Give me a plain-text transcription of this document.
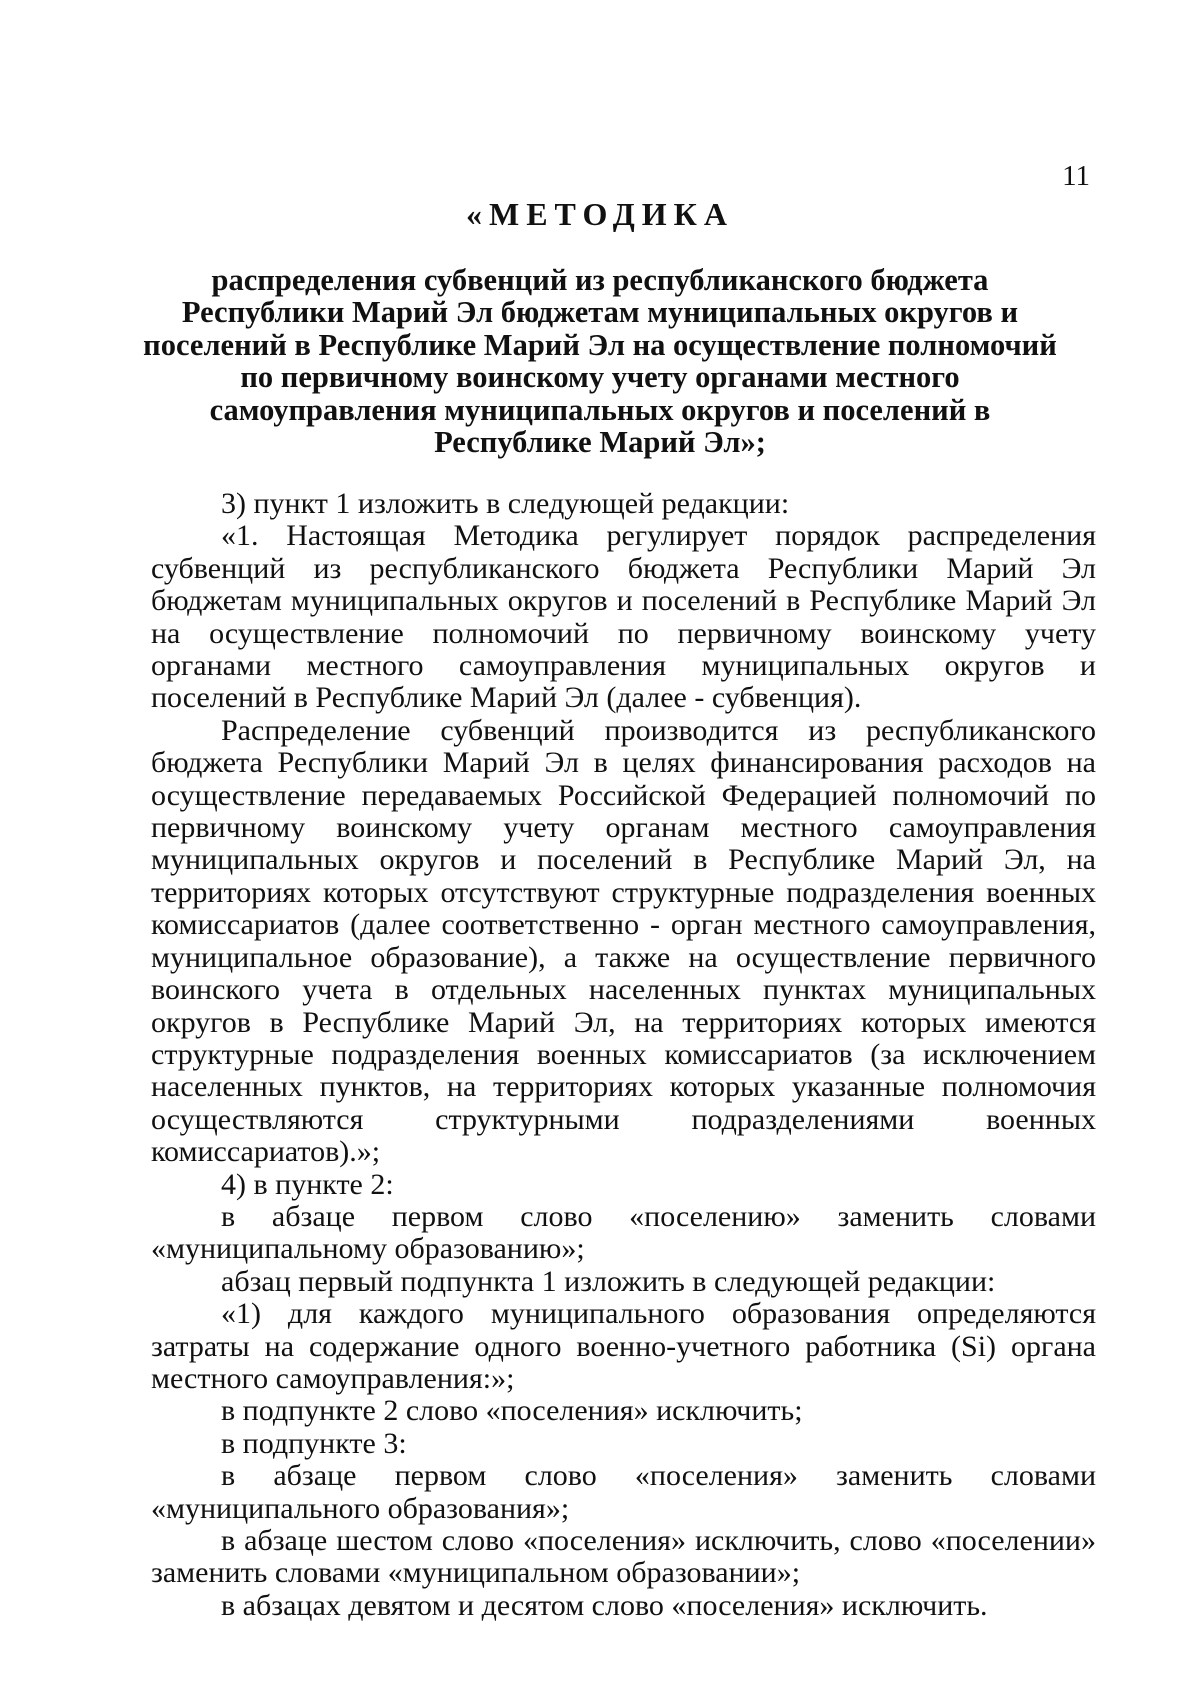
11
«МЕТОДИКА
распределения субвенций из республиканского бюджета Республики Марий Эл бюджетам муниципальных округов и поселений в Республике Марий Эл на осуществление полномочий по первичному воинскому учету органами местного самоуправления муниципальных округов и поселений в Республике Марий Эл»;

3) пункт 1 изложить в следующей редакции:

«1. Настоящая Методика регулирует порядок распределения субвенций из республиканского бюджета Республики Марий Эл бюджетам муниципальных округов и поселений в Республике Марий Эл на осуществление полномочий по первичному воинскому учету органами местного самоуправления муниципальных округов и поселений в Республике Марий Эл (далее - субвенция).

Распределение субвенций производится из республиканского бюджета Республики Марий Эл в целях финансирования расходов на осуществление передаваемых Российской Федерацией полномочий по первичному воинскому учету органам местного самоуправления муниципальных округов и поселений в Республике Марий Эл, на территориях которых отсутствуют структурные подразделения военных комиссариатов (далее соответственно - орган местного самоуправления, муниципальное образование), а также на осуществление первичного воинского учета в отдельных населенных пунктах муниципальных округов в Республике Марий Эл, на территориях которых имеются структурные подразделения военных комиссариатов (за исключением населенных пунктов, на территориях которых указанные полномочия осуществляются структурными подразделениями военных комиссариатов).»;

4) в пункте 2:

в абзаце первом слово «поселению» заменить словами «муниципальному образованию»;

абзац первый подпункта 1 изложить в следующей редакции:

«1) для каждого муниципального образования определяются затраты на содержание одного военно-учетного работника (Si) органа местного самоуправления:»;

в подпункте 2 слово «поселения» исключить;

в подпункте 3:

в абзаце первом слово «поселения» заменить словами «муниципального образования»;

в абзаце шестом слово «поселения» исключить, слово «поселении» заменить словами «муниципальном образовании»;

в абзацах девятом и десятом слово «поселения» исключить.
